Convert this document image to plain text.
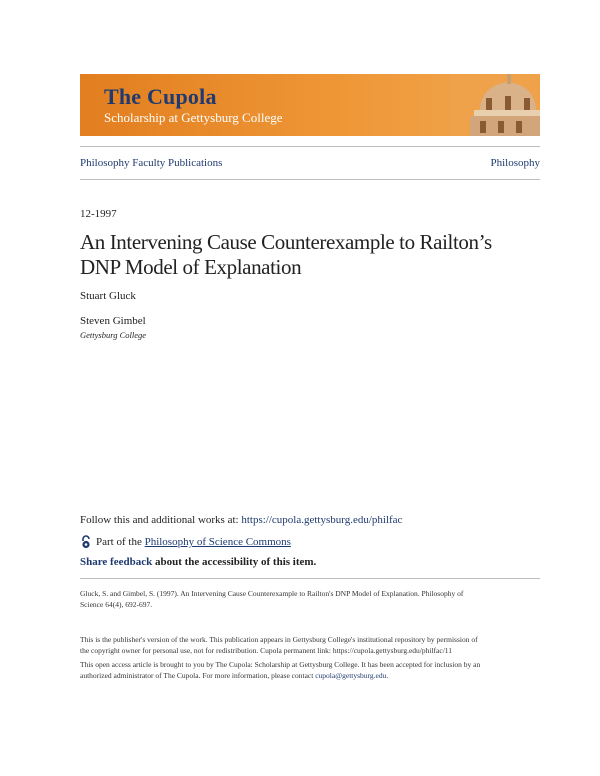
The Cupola
Scholarship at Gettysburg College
Philosophy Faculty Publications	Philosophy
12-1997
An Intervening Cause Counterexample to Railton’s
DNP Model of Explanation
Stuart Gluck
Steven Gimbel
Gettysburg College
Follow this and additional works at: https://cupola.gettysburg.edu/philfac
Part of the
Philosophy of Science Commons
Share feedback about the accessibility of this item.
Gluck, S. and Gimbel, S. (1997). An Intervening Cause Counterexample to Railton's DNP Model of Explanation. Philosophy of
Science 64(4), 692-697.
This is the publisher's version of the work. This publication appears in Gettysburg College's institutional repository by permission of
the copyright owner for personal use, not for redistribution. Cupola permanent link: https://cupola.gettysburg.edu/philfac/11
This open access article is brought to you by The Cupola: Scholarship at Gettysburg College. It has been accepted for inclusion by an
authorized administrator of The Cupola. For more information, please contact cupola@gettysburg.edu.
